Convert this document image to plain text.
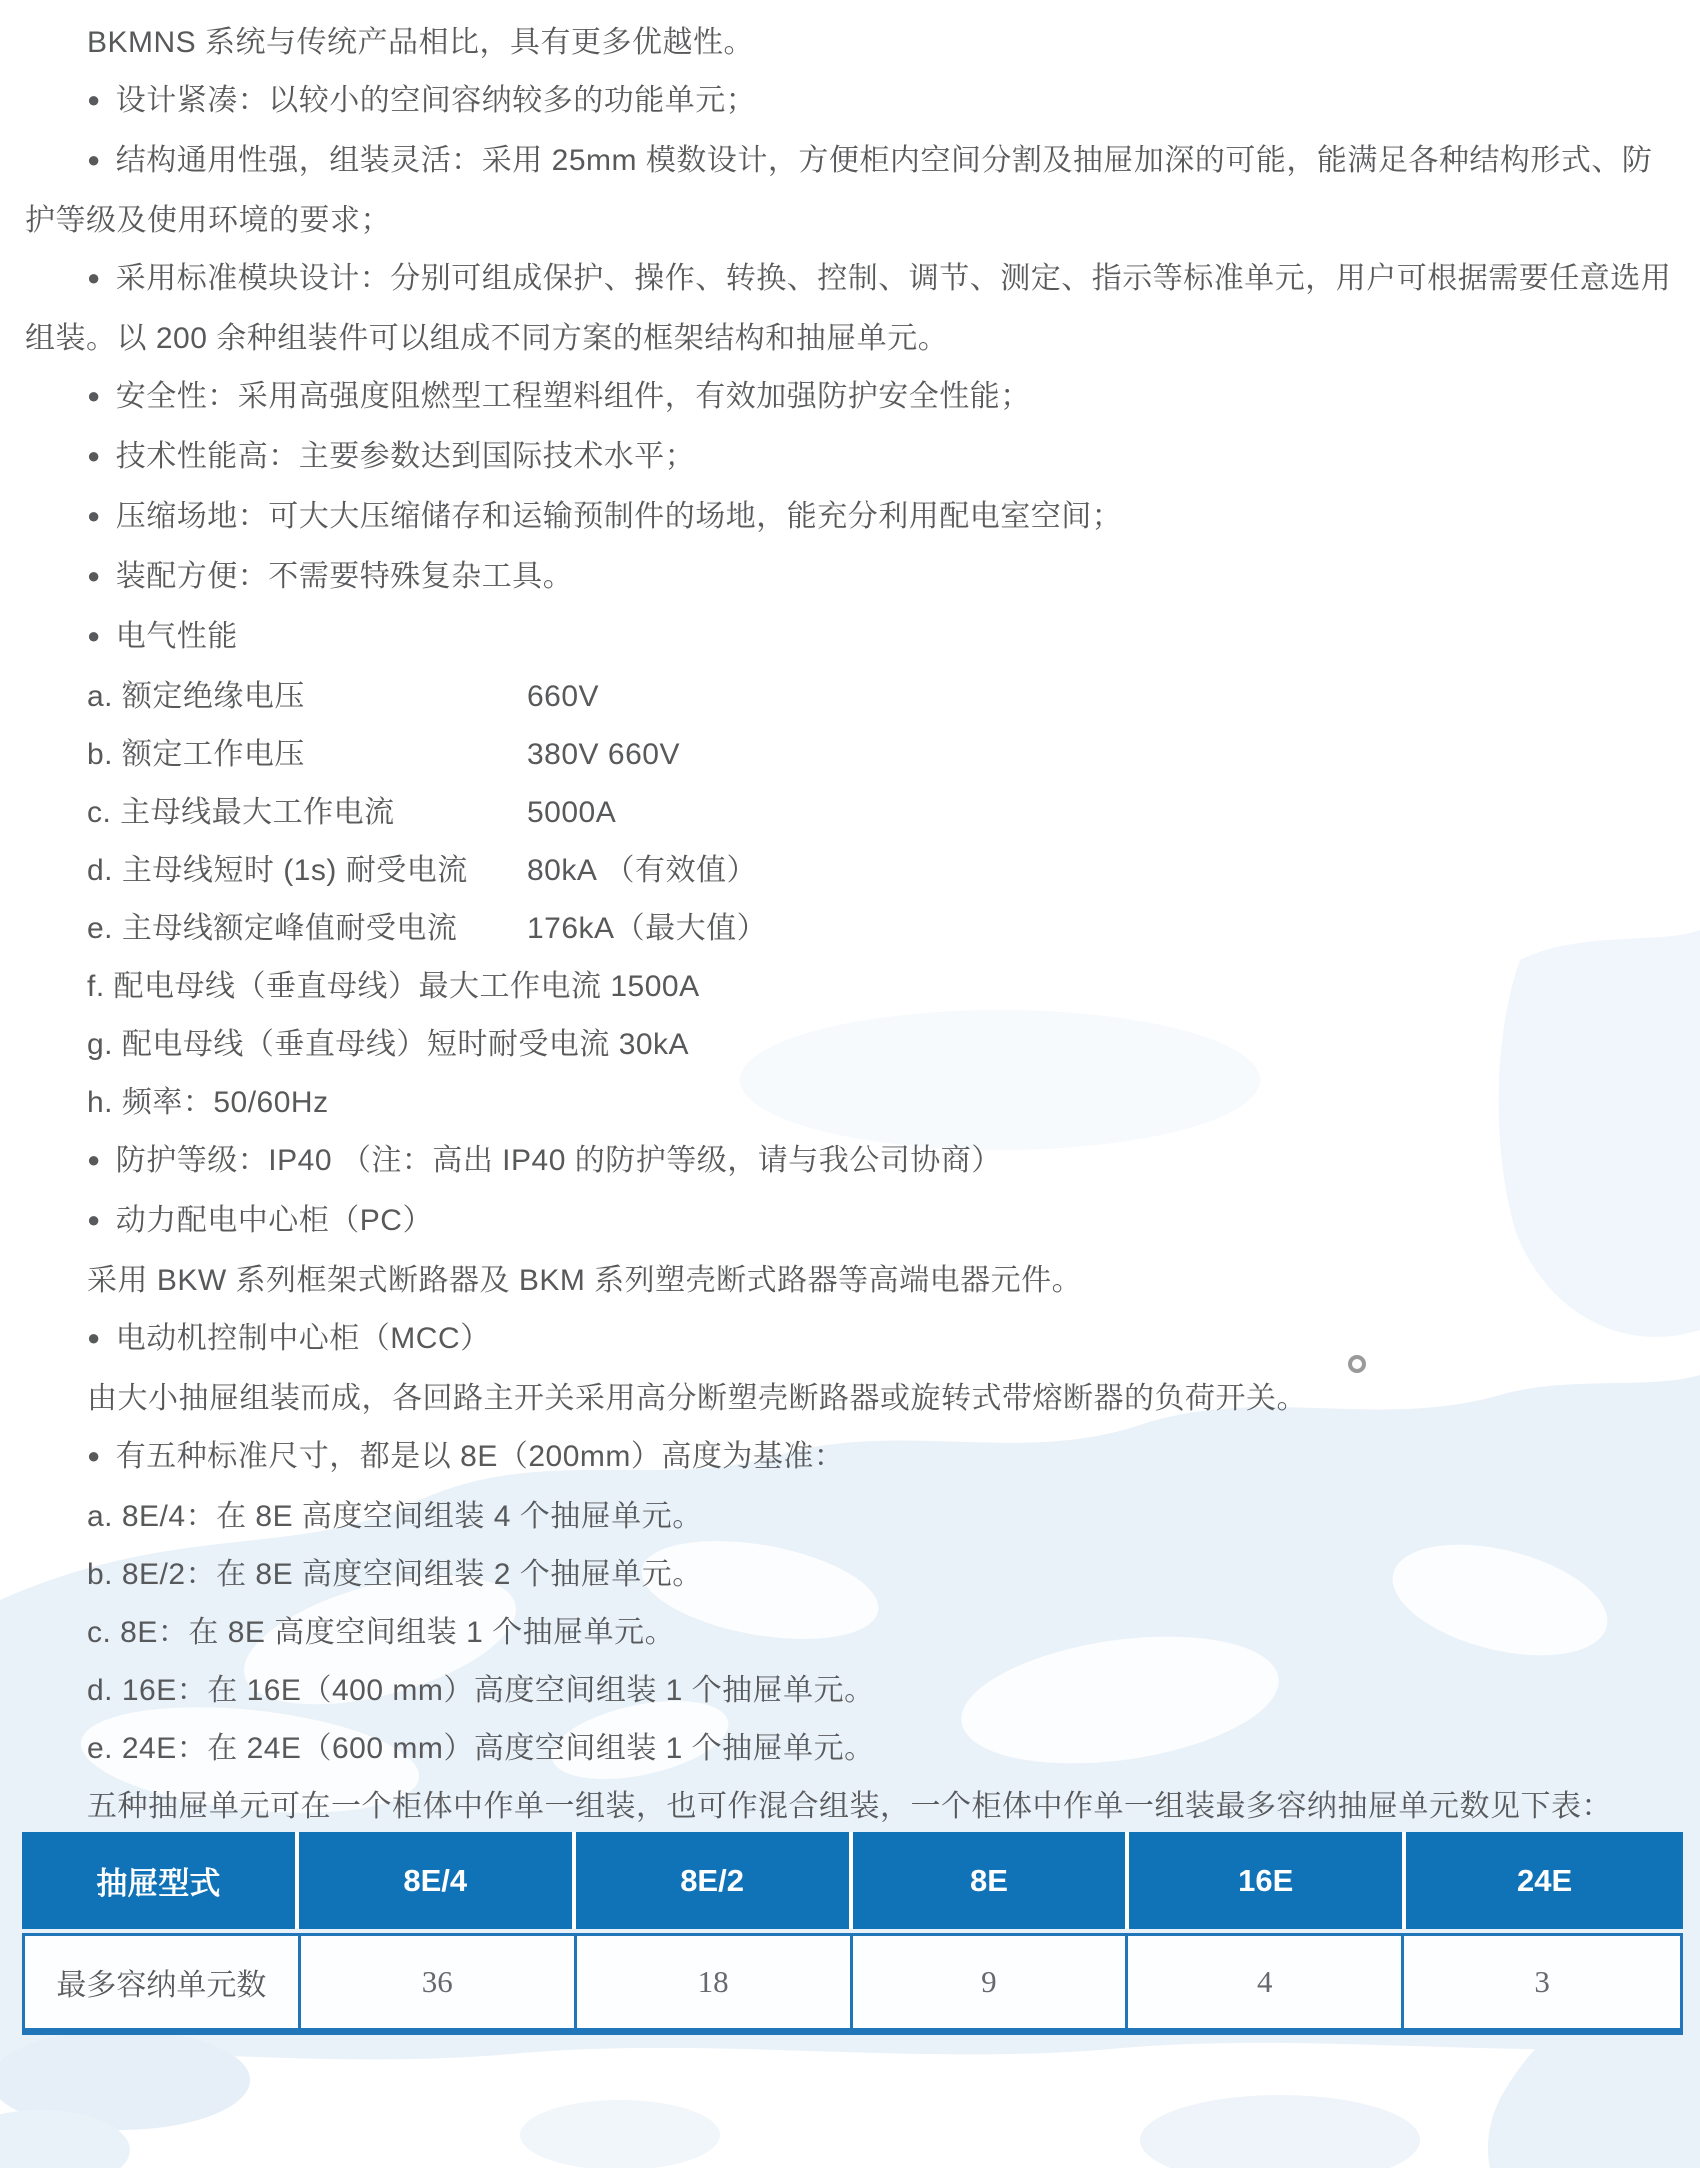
BKMNS 系统与传统产品相比，具有更多优越性。

● 设计紧凑：以较小的空间容纳较多的功能单元；

● 结构通用性强，组装灵活：采用 25mm 模数设计，方便柜内空间分割及抽屉加深的可能，能满足各种结构形式、防护等级及使用环境的要求；

● 采用标准模块设计：分别可组成保护、操作、转换、控制、调节、测定、指示等标准单元，用户可根据需要任意选用组装。以 200 余种组装件可以组成不同方案的框架结构和抽屉单元。

● 安全性：采用高强度阻燃型工程塑料组件，有效加强防护安全性能；

● 技术性能高：主要参数达到国际技术水平；

● 压缩场地：可大大压缩储存和运输预制件的场地，能充分利用配电室空间；

● 装配方便：不需要特殊复杂工具。

● 电气性能

a. 额定绝缘电压	660V

b. 额定工作电压	380V 660V

c. 主母线最大工作电流	5000A

d. 主母线短时 (1s) 耐受电流 80kA （有效值）

e. 主母线额定峰值耐受电流 176kA（最大值）

f. 配电母线（垂直母线）最大工作电流 1500A

g. 配电母线（垂直母线）短时耐受电流 30kA

h. 频率：50/60Hz

● 防护等级：IP40 （注：高出 IP40 的防护等级，请与我公司协商）

● 动力配电中心柜（PC）

采用 BKW 系列框架式断路器及 BKM 系列塑壳断式路器等高端电器元件。

● 电动机控制中心柜（MCC）

由大小抽屉组装而成，各回路主开关采用高分断塑壳断路器或旋转式带熔断器的负荷开关。

● 有五种标准尺寸，都是以 8E（200mm）高度为基准：

a. 8E/4：在 8E 高度空间组装 4 个抽屉单元。

b. 8E/2：在 8E 高度空间组装 2 个抽屉单元。

c. 8E：在 8E 高度空间组装 1 个抽屉单元。

d. 16E：在 16E（400 mm）高度空间组装 1 个抽屉单元。

e. 24E：在 24E（600 mm）高度空间组装 1 个抽屉单元。

五种抽屉单元可在一个柜体中作单一组装，也可作混合组装，一个柜体中作单一组装最多容纳抽屉单元数见下表：

抽屉型式	8E/4	8E/2	8E	16E	24E
最多容纳单元数	36	18	9	4	3
